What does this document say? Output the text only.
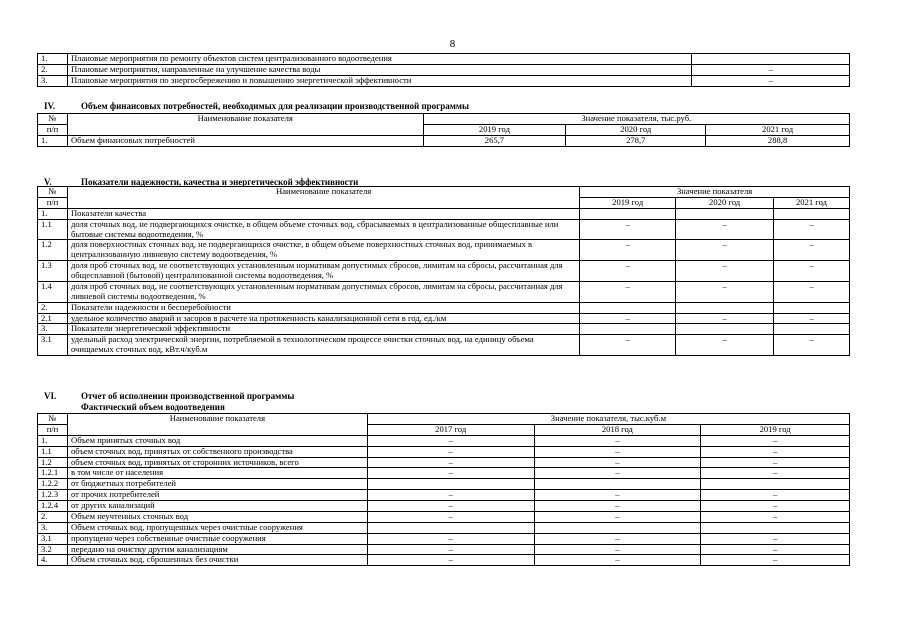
8
1.	Плановые мероприятия по ремонту объектов систем централизованного водоотведения	
2.	Плановые мероприятия, направленные на улучшение качества воды	–
3.	Плановые мероприятия по энергосбережению и повышению энергетической эффективности	–
IV.	Объем финансовых потребностей, необходимых для реализации производственной программы
№	Наименование показателя	Значение показателя, тыс.руб.		
п/п		2019 год	2020 год	2021 год
1.	Объем финансовых потребностей	265,7	278,7	288,8
V.	Показатели надежности, качества и энергетической эффективности
№	Наименование показателя	Значение показателя		
п/п		2019 год	2020 год	2021 год
1.	Показатели качества			
1.1	доля сточных вод, не подвергающихся очистке, в общем объеме сточных вод, сбрасываемых в централизованные общесплавные или бытовые системы водоотведения, %	–	–	–
1.2	доля поверхностных сточных вод, не подвергающихся очистке, в общем объеме поверхностных сточных вод, принимаемых в централизованную ливневую систему водоотведения, %	–	–	–
1.3	доля проб сточных вод, не соответствующих установленным нормативам допустимых сбросов, лимитам на сбросы, рассчитанная для общесплавной (бытовой) централизованной системы водоотведения, %	–	–	–
1.4	доля проб сточных вод, не соответствующих установленным нормативам допустимых сбросов, лимитам на сбросы, рассчитанная для ливневой системы водоотведения, %	–	–	–
2.	Показатели надежности и бесперебойности			
2.1	удельное количество аварий и засоров в расчете на протяженность канализационной сети в год, ед./км	–	–	–
3.	Показатели энергетической эффективности			
3.1	удельный расход электрической энергии, потребляемой в технологическом процессе очистки сточных вод, на единицу объема очищаемых сточных вод, кВт.ч/куб.м	–	–	–
VI.	Отчет об исполнении производственной программы
Фактический объем водоотведения
№	Наименование показателя	Значение показателя, тыс.куб.м		
п/п		2017 год	2018 год	2019 год
1.	Объем принятых сточных вод	–	–	–
1.1	объем сточных вод, принятых от собственного производства	–	–	–
1.2	объем сточных вод, принятых от сторонних источников, всего	–	–	–
1.2.1	в том числе от населения	–	–	–
1.2.2	от бюджетных потребителей			
1.2.3	от прочих потребителей	–	–	–
1.2.4	от других канализаций	–	–	–
2.	Объем неучтенных сточных вод	–	–	–
3.	Объем сточных вод, пропущенных через очистные сооружения			
3.1	пропущено через собственные очистные сооружения	–	–	–
3.2	передано на очистку другим канализациям	–	–	–
4.	Объем сточных вод, сброшенных без очистки	–	–	–
